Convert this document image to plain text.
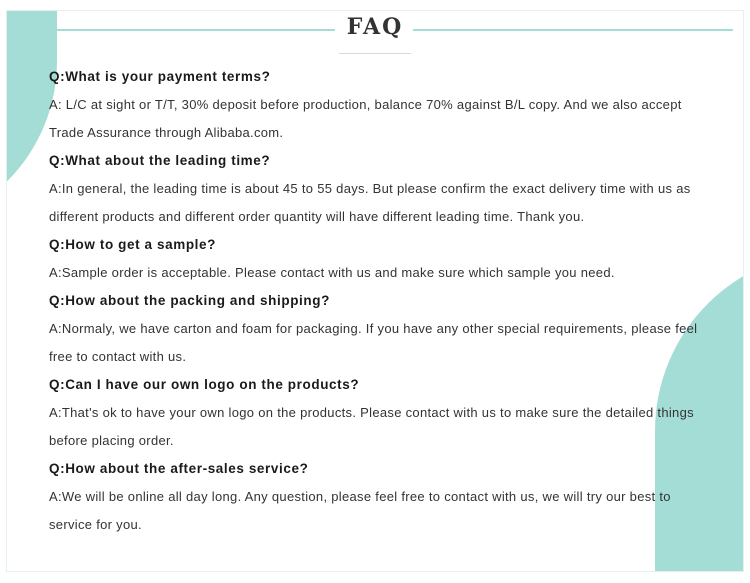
FAQ

Q:What is your payment terms?

A: L/C at sight or T/T, 30% deposit before production, balance 70% against B/L copy. And we also accept Trade Assurance through Alibaba.com.

Q:What about the leading time?

A:In general, the leading time is about 45 to 55 days. But please confirm the exact delivery time with us as different products and different order quantity will have different leading time. Thank you.

Q:How to get a sample?

A:Sample order is acceptable. Please contact with us and make sure which sample you need.

Q:How about the packing and shipping?

A:Normaly, we have carton and foam for packaging. If you have any other special requirements, please feel free to contact with us.

Q:Can I have our own logo on the products?

A:That's ok to have your own logo on the products. Please contact with us to make sure the detailed things before placing order.

Q:How about the after-sales service?

A:We will be online all day long. Any question, please feel free to contact with us, we will try our best to service for you.
